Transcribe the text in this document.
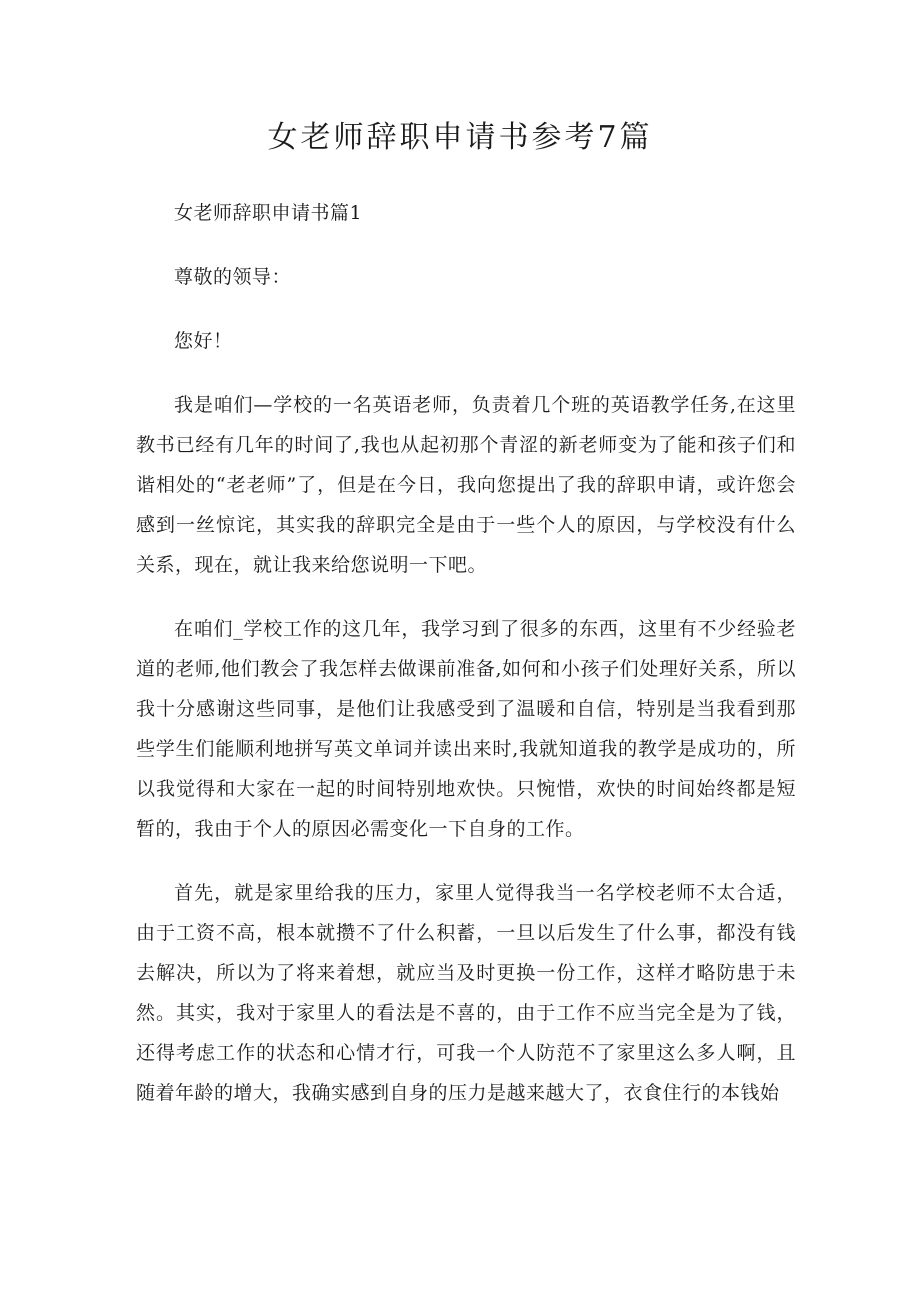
女老师辞职申请书参考7篇

女老师辞职申请书篇1

尊敬的领导：

您好！

我是咱们—学校的一名英语老师，负责着几个班的英语教学任务,在这里教书已经有几年的时间了,我也从起初那个青涩的新老师变为了能和孩子们和谐相处的“老老师”了，但是在今日，我向您提出了我的辞职申请，或许您会感到一丝惊诧，其实我的辞职完全是由于一些个人的原因，与学校没有什么关系，现在，就让我来给您说明一下吧。

在咱们_学校工作的这几年，我学习到了很多的东西，这里有不少经验老道的老师,他们教会了我怎样去做课前准备,如何和小孩子们处理好关系，所以我十分感谢这些同事，是他们让我感受到了温暖和自信，特别是当我看到那些学生们能顺利地拼写英文单词并读出来时,我就知道我的教学是成功的，所以我觉得和大家在一起的时间特别地欢快。只惋惜，欢快的时间始终都是短暂的，我由于个人的原因必需变化一下自身的工作。

首先，就是家里给我的压力，家里人觉得我当一名学校老师不太合适，由于工资不高，根本就攒不了什么积蓄，一旦以后发生了什么事，都没有钱去解决，所以为了将来着想，就应当及时更换一份工作，这样才略防患于未然。其实，我对于家里人的看法是不喜的，由于工作不应当完全是为了钱，还得考虑工作的状态和心情才行，可我一个人防范不了家里这么多人啊，且随着年龄的增大，我确实感到自身的压力是越来越大了，衣食住行的本钱始
